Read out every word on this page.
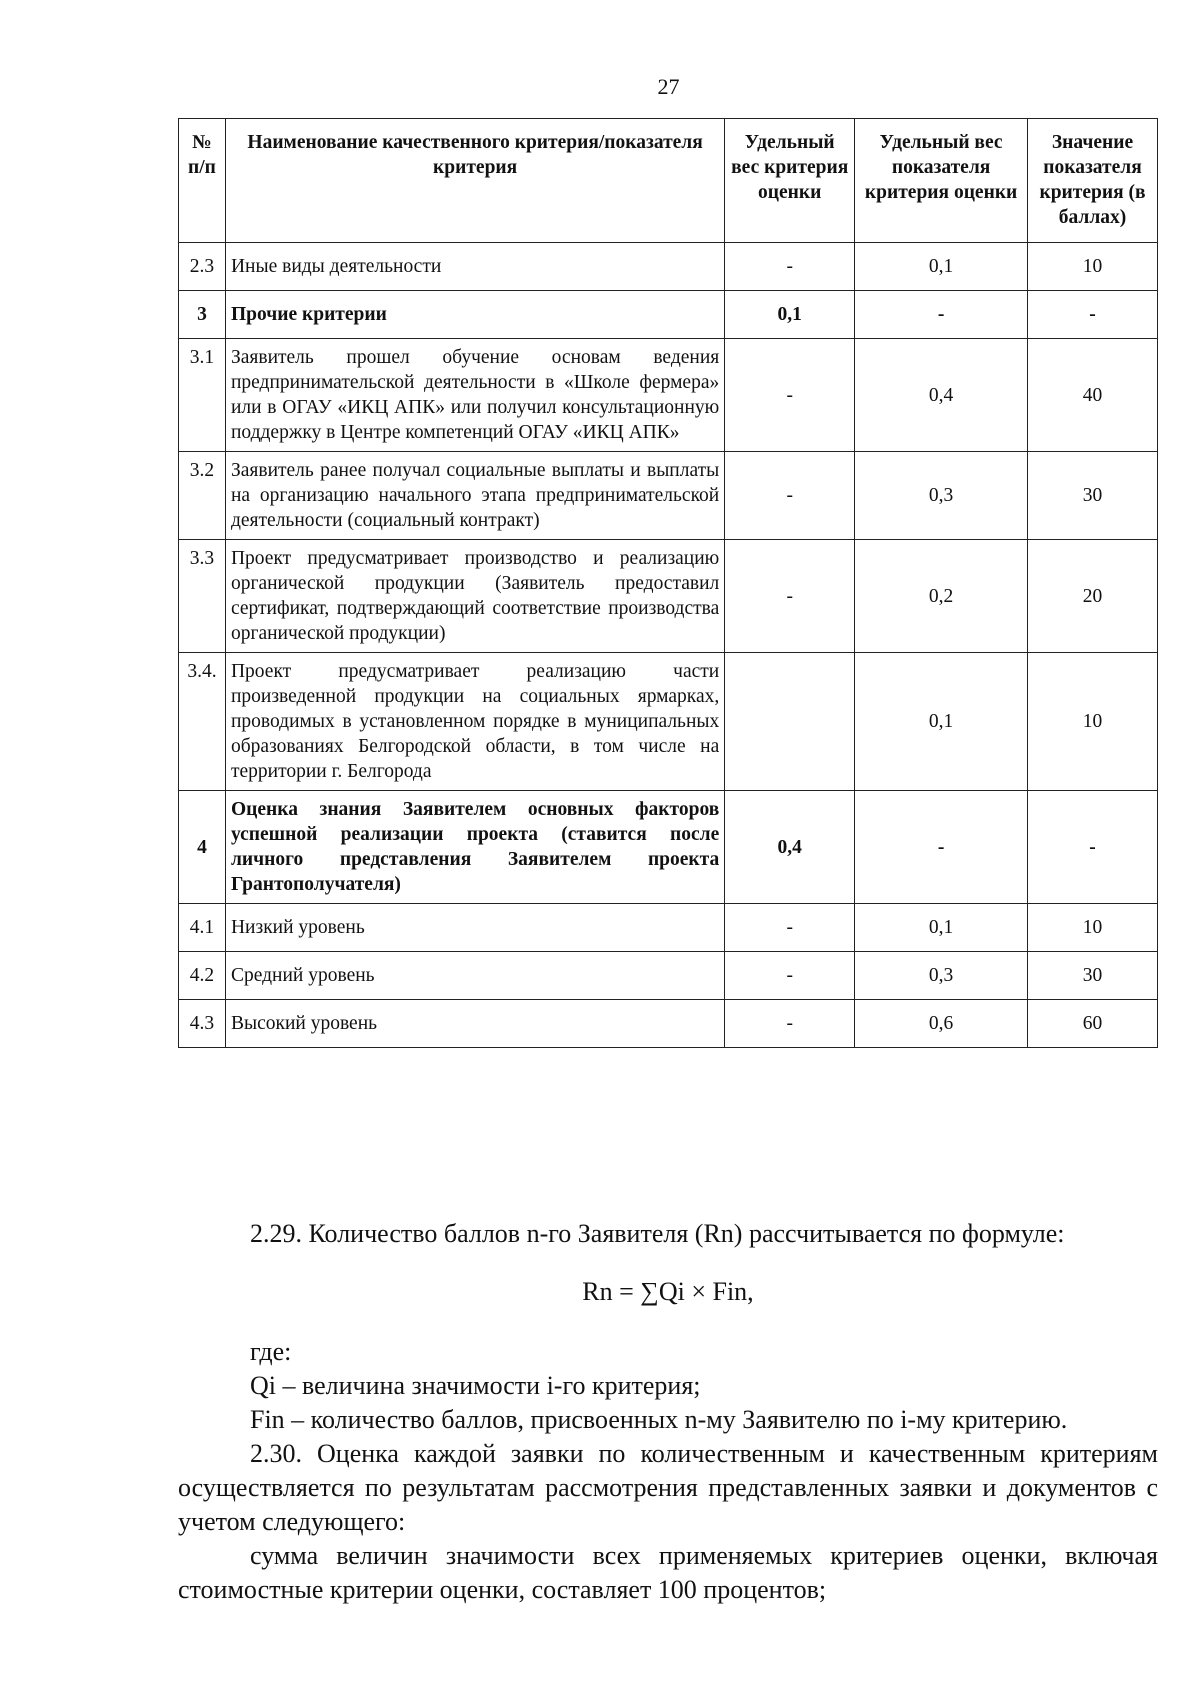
27
№ п/п	Наименование качественного критерия/показателя критерия	Удельный вес критерия оценки	Удельный вес показателя критерия оценки	Значение показателя критерия (в баллах)
2.3	Иные виды деятельности	-	0,1	10
3	Прочие критерии	0,1	-	-
3.1	Заявитель прошел обучение основам ведения предпринимательской деятельности в «Школе фермера» или в ОГАУ «ИКЦ АПК» или получил консультационную поддержку в Центре компетенций ОГАУ «ИКЦ АПК»	-	0,4	40
3.2	Заявитель ранее получал социальные выплаты и выплаты на организацию начального этапа предпринимательской деятельности (социальный контракт)	-	0,3	30
3.3	Проект предусматривает производство и реализацию органической продукции (Заявитель предоставил сертификат, подтверждающий соответствие производства органической продукции)	-	0,2	20
3.4.	Проект предусматривает реализацию части произведенной продукции на социальных ярмарках, проводимых в установленном порядке в муниципальных образованиях Белгородской области, в том числе на территории г. Белгорода		0,1	10
4	Оценка знания Заявителем основных факторов успешной реализации проекта (ставится после личного представления Заявителем проекта Грантополучателя)	0,4	-	-
4.1	Низкий уровень	-	0,1	10
4.2	Средний уровень	-	0,3	30
4.3	Высокий уровень	-	0,6	60

2.29. Количество баллов n-го Заявителя (Rn) рассчитывается по формуле:

Rn = ∑Qi × Fin,

где:

Qi – величина значимости i-го критерия;

Fin – количество баллов, присвоенных n-му Заявителю по i-му критерию.

2.30. Оценка каждой заявки по количественным и качественным критериям осуществляется по результатам рассмотрения представленных заявки и документов с учетом следующего:

сумма величин значимости всех применяемых критериев оценки, включая стоимостные критерии оценки, составляет 100 процентов;
